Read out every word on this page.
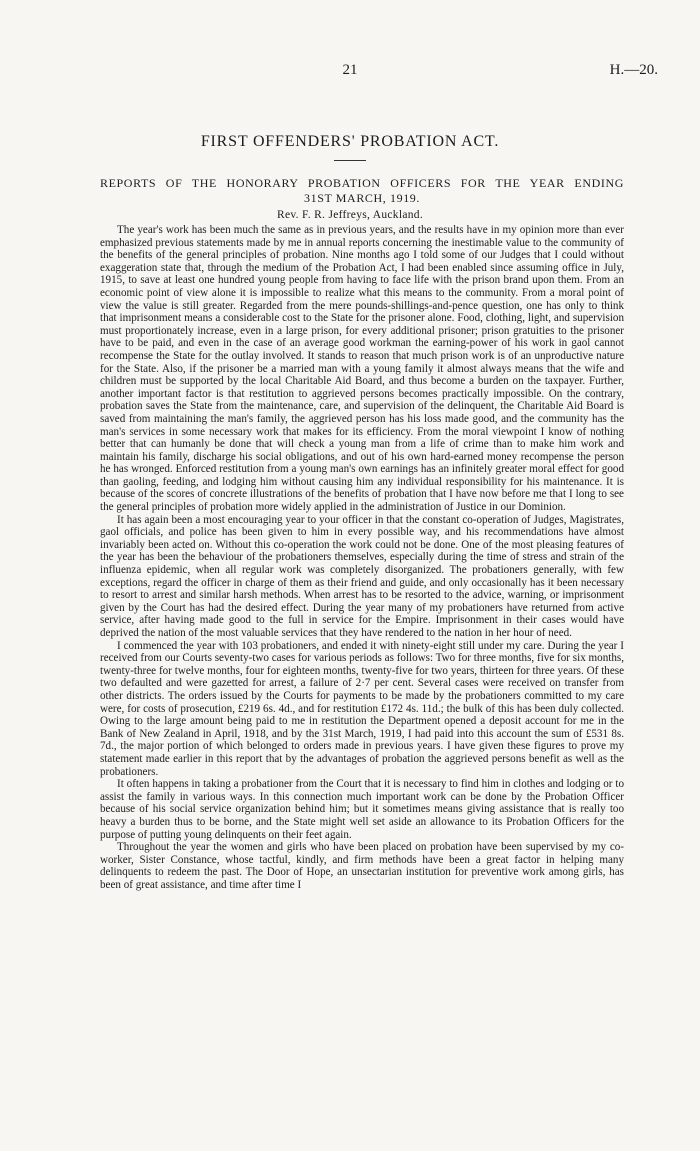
21	H.—20.
FIRST OFFENDERS' PROBATION ACT.
REPORTS OF THE HONORARY PROBATION OFFICERS FOR THE YEAR ENDING
31ST MARCH, 1919.
Rev. F. R. Jeffreys, Auckland.

The year's work has been much the same as in previous years, and the results have in my opinion more than ever emphasized previous statements made by me in annual reports concerning the inestimable value to the community of the benefits of the general principles of probation. Nine months ago I told some of our Judges that I could without exaggeration state that, through the medium of the Probation Act, I had been enabled since assuming office in July, 1915, to save at least one hundred young people from having to face life with the prison brand upon them. From an economic point of view alone it is impossible to realize what this means to the community. From a moral point of view the value is still greater. Regarded from the mere pounds-shillings-and-pence question, one has only to think that imprisonment means a considerable cost to the State for the prisoner alone. Food, clothing, light, and supervision must proportionately increase, even in a large prison, for every additional prisoner; prison gratuities to the prisoner have to be paid, and even in the case of an average good workman the earning-power of his work in gaol cannot recompense the State for the outlay involved. It stands to reason that much prison work is of an unproductive nature for the State. Also, if the prisoner be a married man with a young family it almost always means that the wife and children must be supported by the local Charitable Aid Board, and thus become a burden on the taxpayer. Further, another important factor is that restitution to aggrieved persons becomes practically impossible. On the contrary, probation saves the State from the maintenance, care, and supervision of the delinquent, the Charitable Aid Board is saved from maintaining the man's family, the aggrieved person has his loss made good, and the community has the man's services in some necessary work that makes for its efficiency. From the moral viewpoint I know of nothing better that can humanly be done that will check a young man from a life of crime than to make him work and maintain his family, discharge his social obligations, and out of his own hard-earned money recompense the person he has wronged. Enforced restitution from a young man's own earnings has an infinitely greater moral effect for good than gaoling, feeding, and lodging him without causing him any individual responsibility for his maintenance. It is because of the scores of concrete illustrations of the benefits of probation that I have now before me that I long to see the general principles of probation more widely applied in the administration of Justice in our Dominion.

It has again been a most encouraging year to your officer in that the constant co-operation of Judges, Magistrates, gaol officials, and police has been given to him in every possible way, and his recommendations have almost invariably been acted on. Without this co-operation the work could not be done. One of the most pleasing features of the year has been the behaviour of the probationers themselves, especially during the time of stress and strain of the influenza epidemic, when all regular work was completely disorganized. The probationers generally, with few exceptions, regard the officer in charge of them as their friend and guide, and only occasionally has it been necessary to resort to arrest and similar harsh methods. When arrest has to be resorted to the advice, warning, or imprisonment given by the Court has had the desired effect. During the year many of my probationers have returned from active service, after having made good to the full in service for the Empire. Imprisonment in their cases would have deprived the nation of the most valuable services that they have rendered to the nation in her hour of need.

I commenced the year with 103 probationers, and ended it with ninety-eight still under my care. During the year I received from our Courts seventy-two cases for various periods as follows: Two for three months, five for six months, twenty-three for twelve months, four for eighteen months, twenty-five for two years, thirteen for three years. Of these two defaulted and were gazetted for arrest, a failure of 2·7 per cent. Several cases were received on transfer from other districts. The orders issued by the Courts for payments to be made by the probationers committed to my care were, for costs of prosecution, £219 6s. 4d., and for restitution £172 4s. 11d.; the bulk of this has been duly collected. Owing to the large amount being paid to me in restitution the Department opened a deposit account for me in the Bank of New Zealand in April, 1918, and by the 31st March, 1919, I had paid into this account the sum of £531 8s. 7d., the major portion of which belonged to orders made in previous years. I have given these figures to prove my statement made earlier in this report that by the advantages of probation the aggrieved persons benefit as well as the probationers.

It often happens in taking a probationer from the Court that it is necessary to find him in clothes and lodging or to assist the family in various ways. In this connection much important work can be done by the Probation Officer because of his social service organization behind him; but it sometimes means giving assistance that is really too heavy a burden thus to be borne, and the State might well set aside an allowance to its Probation Officers for the purpose of putting young delinquents on their feet again.

Throughout the year the women and girls who have been placed on probation have been supervised by my co-worker, Sister Constance, whose tactful, kindly, and firm methods have been a great factor in helping many delinquents to redeem the past. The Door of Hope, an unsectarian institution for preventive work among girls, has been of great assistance, and time after time I
